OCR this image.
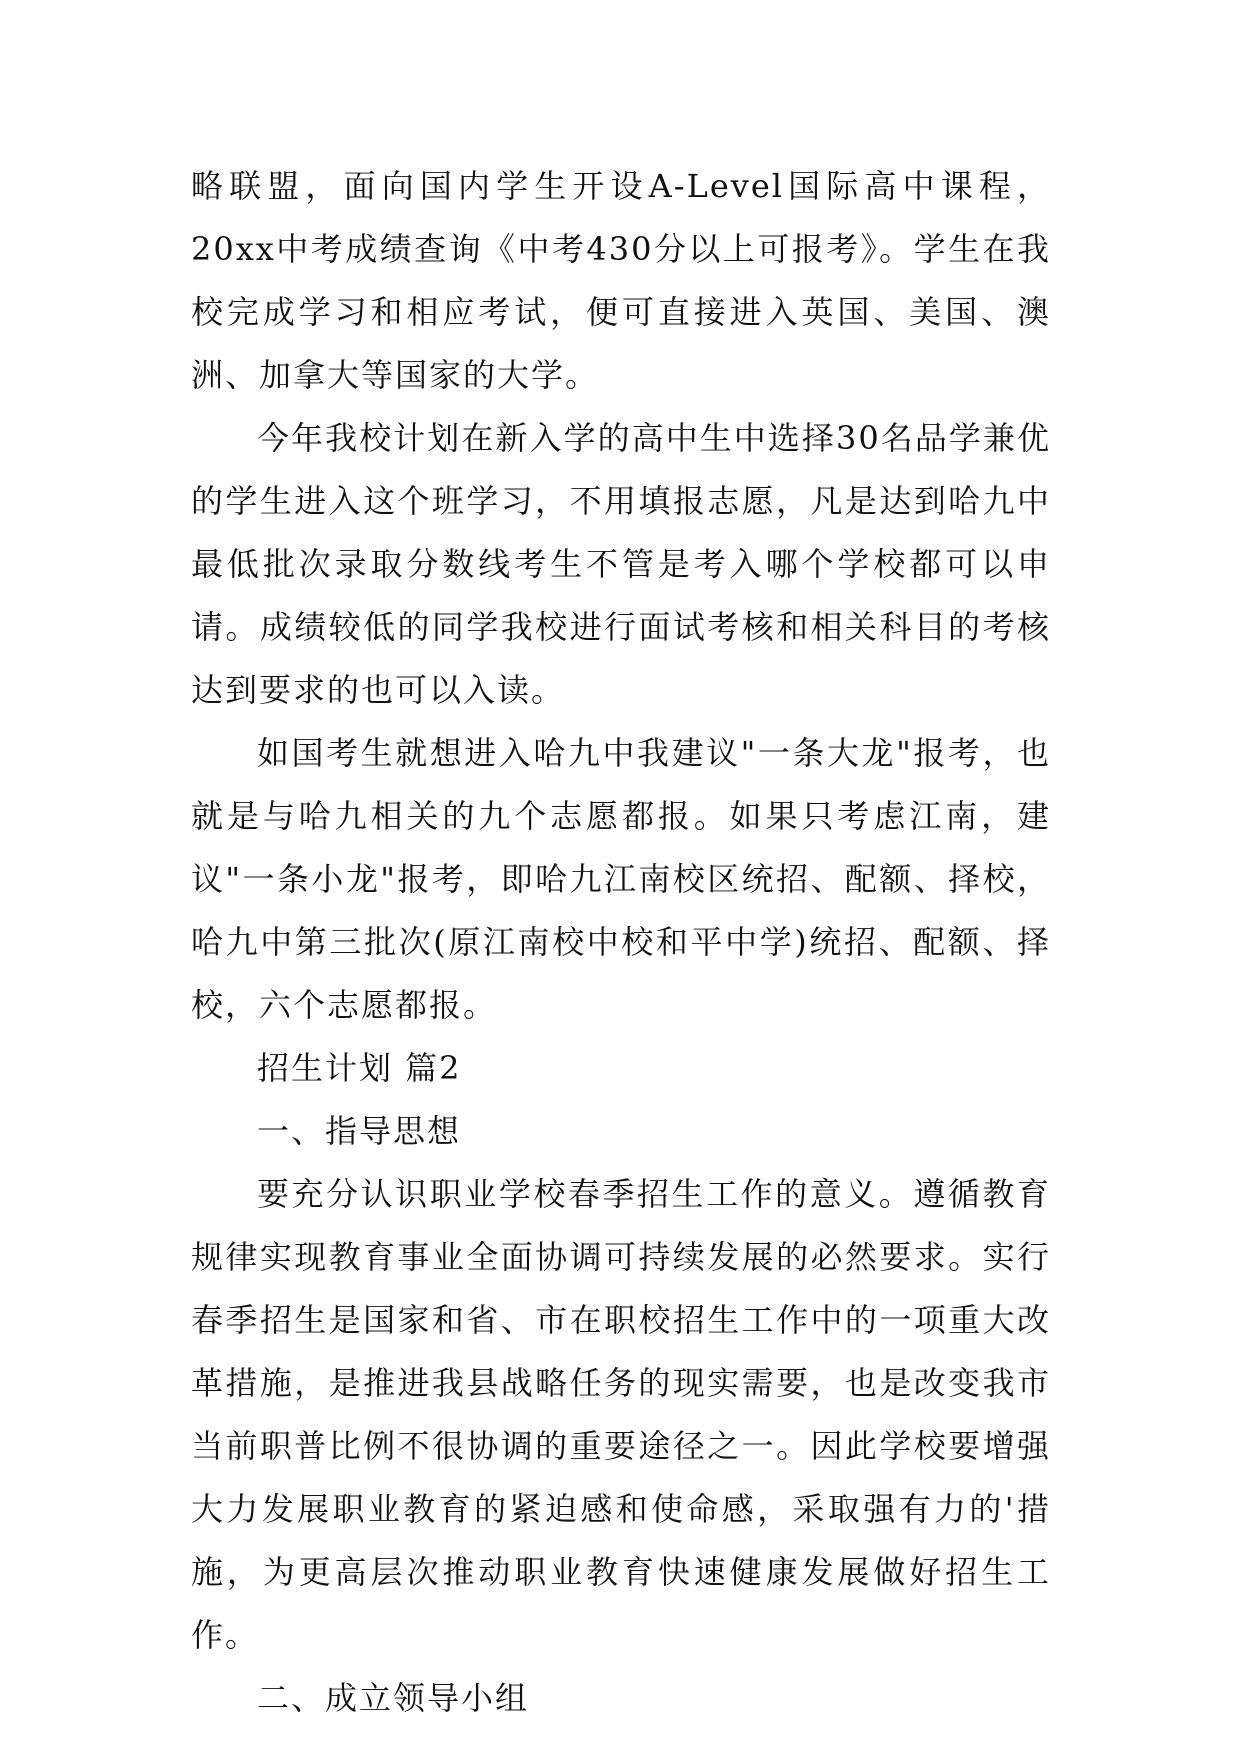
略联盟，面向国内学生开设A-Level国际高中课程，20xx中考成绩查询《中考430分以上可报考》。学生在我校完成学习和相应考试，便可直接进入英国、美国、澳洲、加拿大等国家的大学。

今年我校计划在新入学的高中生中选择30名品学兼优的学生进入这个班学习，不用填报志愿，凡是达到哈九中最低批次录取分数线考生不管是考入哪个学校都可以申请。成绩较低的同学我校进行面试考核和相关科目的考核达到要求的也可以入读。

如国考生就想进入哈九中我建议"一条大龙"报考，也就是与哈九相关的九个志愿都报。如果只考虑江南，建议"一条小龙"报考，即哈九江南校区统招、配额、择校，哈九中第三批次(原江南校中校和平中学)统招、配额、择校，六个志愿都报。

招生计划 篇2

一、指导思想

要充分认识职业学校春季招生工作的意义。遵循教育规律实现教育事业全面协调可持续发展的必然要求。实行春季招生是国家和省、市在职校招生工作中的一项重大改革措施，是推进我县战略任务的现实需要，也是改变我市当前职普比例不很协调的重要途径之一。因此学校要增强大力发展职业教育的紧迫感和使命感，采取强有力的'措施，为更高层次推动职业教育快速健康发展做好招生工作。

二、成立领导小组
